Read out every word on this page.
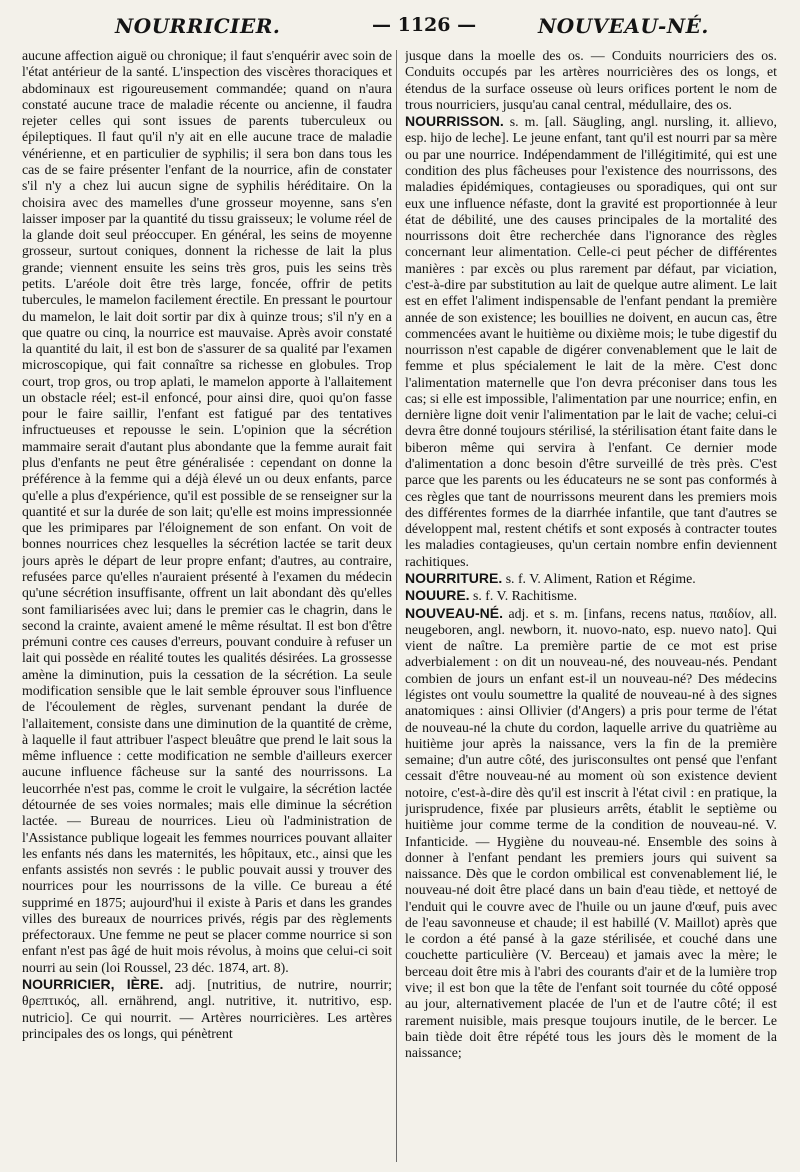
NOURRICIER.	— 1126 —	NOUVEAU-NÉ.

aucune affection aiguë ou chronique; il faut s'enquérir avec soin de l'état antérieur de la santé. L'inspection des viscères thoraciques et abdominaux est rigoureusement commandée; quand on n'aura constaté aucune trace de maladie récente ou ancienne, il faudra rejeter celles qui sont issues de parents tuberculeux ou épileptiques. Il faut qu'il n'y ait en elle aucune trace de maladie vénérienne, et en particulier de syphilis; il sera bon dans tous les cas de se faire présenter l'enfant de la nourrice, afin de constater s'il n'y a chez lui aucun signe de syphilis héréditaire. On la choisira avec des mamelles d'une grosseur moyenne, sans s'en laisser imposer par la quantité du tissu graisseux; le volume réel de la glande doit seul préoccuper. En général, les seins de moyenne grosseur, surtout coniques, donnent la richesse de lait la plus grande; viennent ensuite les seins très gros, puis les seins très petits. L'aréole doit être très large, foncée, offrir de petits tubercules, le mamelon facilement érectile. En pressant le pourtour du mamelon, le lait doit sortir par dix à quinze trous; s'il n'y en a que quatre ou cinq, la nourrice est mauvaise. Après avoir constaté la quantité du lait, il est bon de s'assurer de sa qualité par l'examen microscopique, qui fait connaître sa richesse en globules. Trop court, trop gros, ou trop aplati, le mamelon apporte à l'allaitement un obstacle réel; est-il enfoncé, pour ainsi dire, quoi qu'on fasse pour le faire saillir, l'enfant est fatigué par des tentatives infructueuses et repousse le sein. L'opinion que la sécrétion mammaire serait d'autant plus abondante que la femme aurait fait plus d'enfants ne peut être généralisée : cependant on donne la préférence à la femme qui a déjà élevé un ou deux enfants, parce qu'elle a plus d'expérience, qu'il est possible de se renseigner sur la quantité et sur la durée de son lait; qu'elle est moins impressionnée que les primipares par l'éloignement de son enfant. On voit de bonnes nourrices chez lesquelles la sécrétion lactée se tarit deux jours après le départ de leur propre enfant; d'autres, au contraire, refusées parce qu'elles n'auraient présenté à l'examen du médecin qu'une sécrétion insuffisante, offrent un lait abondant dès qu'elles sont familiarisées avec lui; dans le premier cas le chagrin, dans le second la crainte, avaient amené le même résultat. Il est bon d'être prémuni contre ces causes d'erreurs, pouvant conduire à refuser un lait qui possède en réalité toutes les qualités désirées. La grossesse amène la diminution, puis la cessation de la sécrétion. La seule modification sensible que le lait semble éprouver sous l'influence de l'écoulement de règles, survenant pendant la durée de l'allaitement, consiste dans une diminution de la quantité de crème, à laquelle il faut attribuer l'aspect bleuâtre que prend le lait sous la même influence : cette modification ne semble d'ailleurs exercer aucune influence fâcheuse sur la santé des nourrissons. La leucorrhée n'est pas, comme le croit le vulgaire, la sécrétion lactée détournée de ses voies normales; mais elle diminue la sécrétion lactée. — Bureau de nourrices. Lieu où l'administration de l'Assistance publique logeait les femmes nourrices pouvant allaiter les enfants nés dans les maternités, les hôpitaux, etc., ainsi que les enfants assistés non sevrés : le public pouvait aussi y trouver des nourrices pour les nourrissons de la ville. Ce bureau a été supprimé en 1875; aujourd'hui il existe à Paris et dans les grandes villes des bureaux de nourrices privés, régis par des règlements préfectoraux. Une femme ne peut se placer comme nourrice si son enfant n'est pas âgé de huit mois révolus, à moins que celui-ci soit nourri au sein (loi Roussel, 23 déc. 1874, art. 8).

NOURRICIER, IÈRE. adj. [nutritius, de nutrire, nourrir; θρεπτικός, all. ernährend, angl. nutritive, it. nutritivo, esp. nutricio]. Ce qui nourrit. — Artères nourricières. Les artères principales des os longs, qui pénètrent

jusque dans la moelle des os. — Conduits nourriciers des os. Conduits occupés par les artères nourricières des os longs, et étendus de la surface osseuse où leurs orifices portent le nom de trous nourriciers, jusqu'au canal central, médullaire, des os.

NOURRISSON. s. m. [all. Säugling, angl. nursling, it. allievo, esp. hijo de leche]. Le jeune enfant, tant qu'il est nourri par sa mère ou par une nourrice. Indépendamment de l'illégitimité, qui est une condition des plus fâcheuses pour l'existence des nourrissons, des maladies épidémiques, contagieuses ou sporadiques, qui ont sur eux une influence néfaste, dont la gravité est proportionnée à leur état de débilité, une des causes principales de la mortalité des nourrissons doit être recherchée dans l'ignorance des règles concernant leur alimentation. Celle-ci peut pécher de différentes manières : par excès ou plus rarement par défaut, par viciation, c'est-à-dire par substitution au lait de quelque autre aliment. Le lait est en effet l'aliment indispensable de l'enfant pendant la première année de son existence; les bouillies ne doivent, en aucun cas, être commencées avant le huitième ou dixième mois; le tube digestif du nourrisson n'est capable de digérer convenablement que le lait de femme et plus spécialement le lait de la mère. C'est donc l'alimentation maternelle que l'on devra préconiser dans tous les cas; si elle est impossible, l'alimentation par une nourrice; enfin, en dernière ligne doit venir l'alimentation par le lait de vache; celui-ci devra être donné toujours stérilisé, la stérilisation étant faite dans le biberon même qui servira à l'enfant. Ce dernier mode d'alimentation a donc besoin d'être surveillé de très près. C'est parce que les parents ou les éducateurs ne se sont pas conformés à ces règles que tant de nourrissons meurent dans les premiers mois des différentes formes de la diarrhée infantile, que tant d'autres se développent mal, restent chétifs et sont exposés à contracter toutes les maladies contagieuses, qu'un certain nombre enfin deviennent rachitiques.

NOURRITURE. s. f. V. Aliment, Ration et Régime.

NOUURE. s. f. V. Rachitisme.

NOUVEAU-NÉ. adj. et s. m. [infans, recens natus, παιδίον, all. neugeboren, angl. newborn, it. nuovo-nato, esp. nuevo nato]. Qui vient de naître. La première partie de ce mot est prise adverbialement : on dit un nouveau-né, des nouveau-nés. Pendant combien de jours un enfant est-il un nouveau-né? Des médecins légistes ont voulu soumettre la qualité de nouveau-né à des signes anatomiques : ainsi Ollivier (d'Angers) a pris pour terme de l'état de nouveau-né la chute du cordon, laquelle arrive du quatrième au huitième jour après la naissance, vers la fin de la première semaine; d'un autre côté, des jurisconsultes ont pensé que l'enfant cessait d'être nouveau-né au moment où son existence devient notoire, c'est-à-dire dès qu'il est inscrit à l'état civil : en pratique, la jurisprudence, fixée par plusieurs arrêts, établit le septième ou huitième jour comme terme de la condition de nouveau-né. V. Infanticide. — Hygiène du nouveau-né. Ensemble des soins à donner à l'enfant pendant les premiers jours qui suivent sa naissance. Dès que le cordon ombilical est convenablement lié, le nouveau-né doit être placé dans un bain d'eau tiède, et nettoyé de l'enduit qui le couvre avec de l'huile ou un jaune d'œuf, puis avec de l'eau savonneuse et chaude; il est habillé (V. Maillot) après que le cordon a été pansé à la gaze stérilisée, et couché dans une couchette particulière (V. Berceau) et jamais avec la mère; le berceau doit être mis à l'abri des courants d'air et de la lumière trop vive; il est bon que la tête de l'enfant soit tournée du côté opposé au jour, alternativement placée de l'un et de l'autre côté; il est rarement nuisible, mais presque toujours inutile, de le bercer. Le bain tiède doit être répété tous les jours dès le moment de la naissance;
